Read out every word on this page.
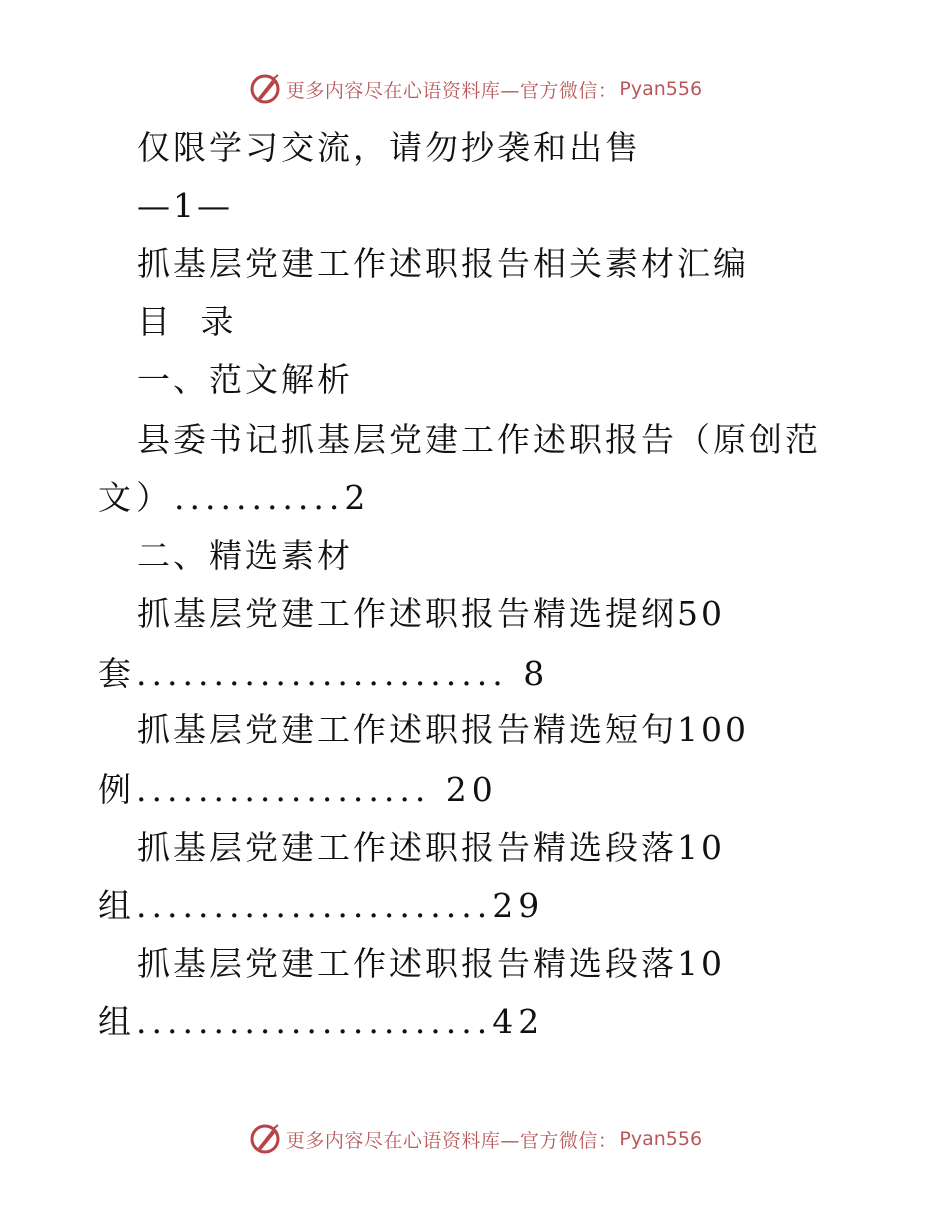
更多内容尽在心语资料库—官方微信： Pyan556
仅限学习交流，请勿抄袭和出售
—1—
抓基层党建工作述职报告相关素材汇编
目 录
一、范文解析
县委书记抓基层党建工作述职报告（原创范
文）...........2
二、精选素材
抓基层党建工作述职报告精选提纲50
套........................ 8
抓基层党建工作述职报告精选短句100
例................... 20
抓基层党建工作述职报告精选段落10
组.......................29
抓基层党建工作述职报告精选段落10
组.......................42
更多内容尽在心语资料库—官方微信： Pyan556
